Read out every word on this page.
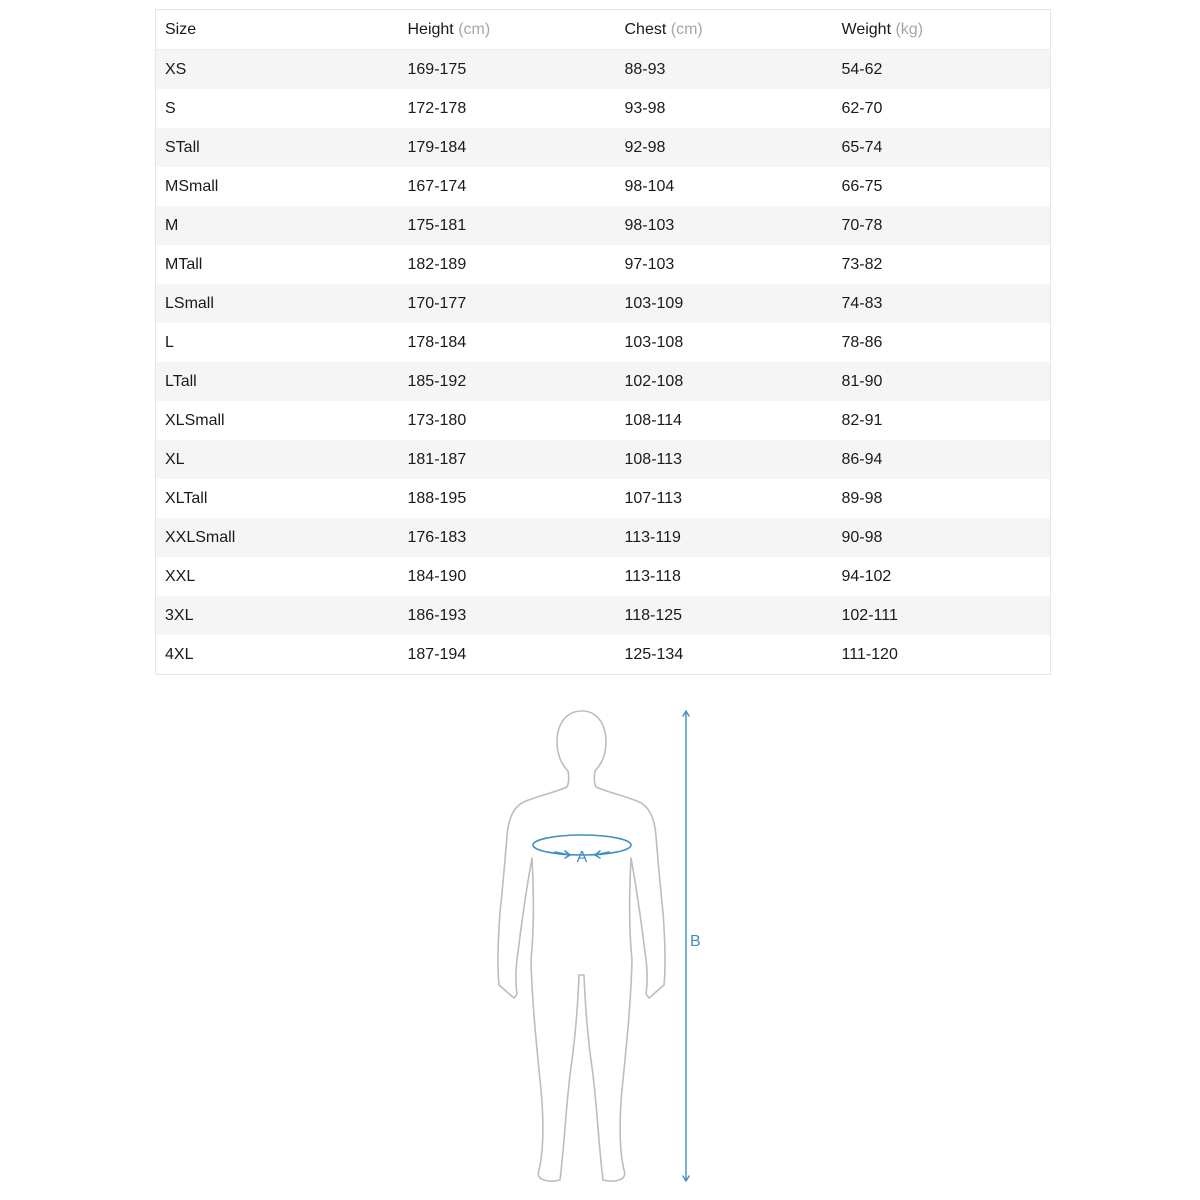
Size	Height (cm)	Chest (cm)	Weight (kg)
XS	169-175	88-93	54-62
S	172-178	93-98	62-70
STall	179-184	92-98	65-74
MSmall	167-174	98-104	66-75
M	175-181	98-103	70-78
MTall	182-189	97-103	73-82
LSmall	170-177	103-109	74-83
L	178-184	103-108	78-86
LTall	185-192	102-108	81-90
XLSmall	173-180	108-114	82-91
XL	181-187	108-113	86-94
XLTall	188-195	107-113	89-98
XXLSmall	176-183	113-119	90-98
XXL	184-190	113-118	94-102
3XL	186-193	118-125	102-111
4XL	187-194	125-134	111-120
A
B
